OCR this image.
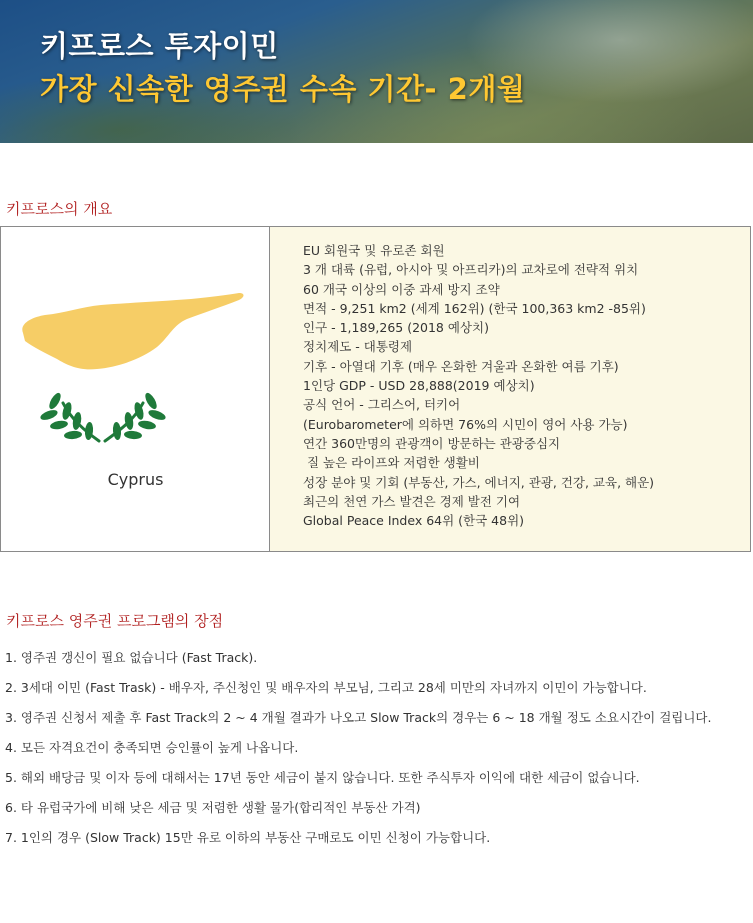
키프로스 투자이민
가장 신속한 영주권 수속 기간- 2개월
키프로스의 개요
Cyprus
EU 회원국 및 유로존 회원
3 개 대륙 (유럽, 아시아 및 아프리카)의 교차로에 전략적 위치
60 개국 이상의 이중 과세 방지 조약
면적 - 9,251 km2 (세계 162위) (한국 100,363 km2 -85위)
인구 - 1,189,265 (2018 예상치)
정치제도 - 대통령제
기후 - 아열대 기후 (매우 온화한 겨울과 온화한 여름 기후)
1인당 GDP - USD 28,888(2019 예상치)
공식 언어 - 그리스어, 터키어
(Eurobarometer에 의하면 76%의 시민이 영어 사용 가능)
연간 360만명의 관광객이 방문하는 관광중심지
질 높은 라이프와 저렴한 생활비
성장 분야 및 기회 (부동산, 가스, 에너지, 관광, 건강, 교육, 해운)
최근의 천연 가스 발견은 경제 발전 기여
Global Peace Index 64위 (한국 48위)
키프로스 영주권 프로그램의 장점
1. 영주권 갱신이 필요 없습니다 (Fast Track).
2. 3세대 이민 (Fast Trask) - 배우자, 주신청인 및 배우자의 부모님, 그리고 28세 미만의 자녀까지 이민이 가능합니다.
3. 영주권 신청서 제출 후 Fast Track의 2 ~ 4 개월 결과가 나오고 Slow Track의 경우는 6 ~ 18 개월 정도 소요시간이 걸립니다.
4. 모든 자격요건이 충족되면 승인률이 높게 나옵니다.
5. 해외 배당금 및 이자 등에 대해서는 17년 동안 세금이 붙지 않습니다. 또한 주식투자 이익에 대한 세금이 없습니다.
6. 타 유럽국가에 비해 낮은 세금 및 저렴한 생활 물가(합리적인 부동산 가격)
7. 1인의 경우 (Slow Track) 15만 유로 이하의 부동산 구매로도 이민 신청이 가능합니다.
